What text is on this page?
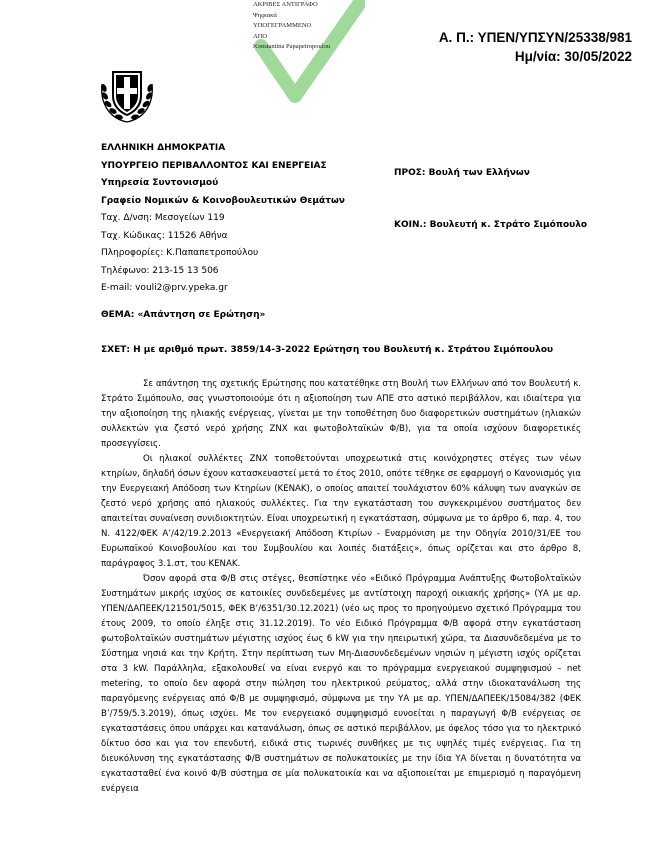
ΑΚΡΙΒΕΣ ΑΝΤΙΓΡΑΦΟ
Ψηφιακά
ΥΠΟΓΕΓΡΑΜΜΕΝΟ
ΑΠΟ
Konstantina Papapetropoulou
Α. Π.: ΥΠΕΝ/ΥΠΣΥΝ/25338/981
Ημ/νία: 30/05/2022
ΕΛΛΗΝΙΚΗ ΔΗΜΟΚΡΑΤΙΑ
ΥΠΟΥΡΓΕΙΟ ΠΕΡΙΒΑΛΛΟΝΤΟΣ ΚΑΙ ΕΝΕΡΓΕΙΑΣ
Υπηρεσία Συντονισμού
Γραφείο Νομικών & Κοινοβουλευτικών Θεμάτων
Ταχ. Δ/νση: Μεσογείων 119
Ταχ. Κώδικας: 11526 Αθήνα
Πληροφορίες: Κ.Παπαπετροπούλου
Τηλέφωνο: 213-15 13 506
E-mail: vouli2@prv.ypeka.gr
ΠΡΟΣ: Βουλή των Ελλήνων
ΚΟΙΝ.: Βουλευτή κ. Στράτο Σιμόπουλο
ΘΕΜΑ: «Απάντηση σε Ερώτηση»
ΣΧΕΤ: Η με αριθμό πρωτ. 3859/14-3-2022 Ερώτηση του Βουλευτή κ. Στράτου Σιμόπουλου

Σε απάντηση της σχετικής Ερώτησης που κατατέθηκε στη Βουλή των Ελλήνων από τον Βουλευτή κ. Στράτο Σιμόπουλο, σας γνωστοποιούμε ότι η αξιοποίηση των ΑΠΕ στο αστικό περιβάλλον, και ιδιαίτερα για την αξιοποίηση της ηλιακής ενέργειας, γίνεται με την τοποθέτηση δυο διαφορετικών συστημάτων (ηλιακών συλλεκτών για ζεστό νερό χρήσης ΖΝΧ και φωτοβολταϊκών Φ/Β), για τα οποία ισχύουν διαφορετικές προσεγγίσεις.

Οι ηλιακοί συλλέκτες ΖΝΧ τοποθετούνται υποχρεωτικά στις κοινόχρηστες στέγες των νέων κτηρίων, δηλαδή όσων έχουν κατασκευαστεί μετά το έτος 2010, οπότε τέθηκε σε εφαρμογή ο Κανονισμός για την Ενεργειακή Απόδοση των Κτηρίων (ΚΕΝΑΚ), ο οποίος απαιτεί τουλάχιστον 60% κάλυψη των αναγκών σε ζεστό νερό χρήσης από ηλιακούς συλλέκτες. Για την εγκατάσταση του συγκεκριμένου συστήματος δεν απαιτείται συναίνεση συνιδιοκτητών. Είναι υποχρεωτική η εγκατάσταση, σύμφωνα με το άρθρο 6, παρ. 4, του Ν. 4122/ΦΕΚ Α’/42/19.2.2013 «Ενεργειακή Απόδοση Κτιρίων - Εναρμόνιση με την Οδηγία 2010/31/ΕΕ του Ευρωπαϊκού Κοινοβουλίου και του Συμβουλίου και λοιπές διατάξεις», όπως ορίζεται και στο άρθρο 8, παράγραφος 3.1.στ, του ΚΕΝΑΚ.

Όσον αφορά στα Φ/Β στις στέγες, θεσπίστηκε νέο «Ειδικό Πρόγραμμα Ανάπτυξης Φωτοβολταϊκών Συστημάτων μικρής ισχύος σε κατοικίες συνδεδεμένες με αντίστοιχη παροχή οικιακής χρήσης» (ΥΑ με αρ. ΥΠΕΝ/ΔΑΠΕΕΚ/121501/5015, ΦΕΚ Β’/6351/30.12.2021) (νέο ως προς το προηγούμενο σχετικό Πρόγραμμα του έτους 2009, το οποίο έληξε στις 31.12.2019). Το νέο Ειδικό Πρόγραμμα Φ/Β αφορά στην εγκατάσταση φωτοβολταϊκών συστημάτων μέγιστης ισχύος έως 6 kW για την ηπειρωτική χώρα, τα Διασυνδεδεμένα με το Σύστημα νησιά και την Κρήτη. Στην περίπτωση των Μη-Διασυνδεδεμένων νησιών η μέγιστη ισχύς ορίζεται στα 3 kW. Παράλληλα, εξακολουθεί να είναι ενεργό και το πρόγραμμα ενεργειακού συμψηφισμού – net metering, το οποίο δεν αφορά στην πώληση του ηλεκτρικού ρεύματος, αλλά στην ιδιοκατανάλωση της παραγόμενης ενέργειας από Φ/Β με συμψηφισμό, σύμφωνα με την ΥΑ με αρ. ΥΠΕΝ/ΔΑΠΕΕΚ/15084/382 (ΦΕΚ Β’/759/5.3.2019), όπως ισχύει. Με τον ενεργειακό συμψηφισμό ευνοείται η παραγωγή Φ/Β ενέργειας σε εγκαταστάσεις όπου υπάρχει και κατανάλωση, όπως σε αστικό περιβάλλον, με όφελος τόσο για το ηλεκτρικό δίκτυο όσο και για τον επενδυτή, ειδικά στις τωρινές συνθήκες με τις υψηλές τιμές ενέργειας. Για τη διευκόλυνση της εγκατάστασης Φ/Β συστημάτων σε πολυκατοικίες με την ίδια ΥΑ δίνεται η δυνατότητα να εγκατασταθεί ένα κοινό Φ/Β σύστημα σε μία πολυκατοικία και να αξιοποιείται με επιμερισμό η παραγόμενη ενέργεια
